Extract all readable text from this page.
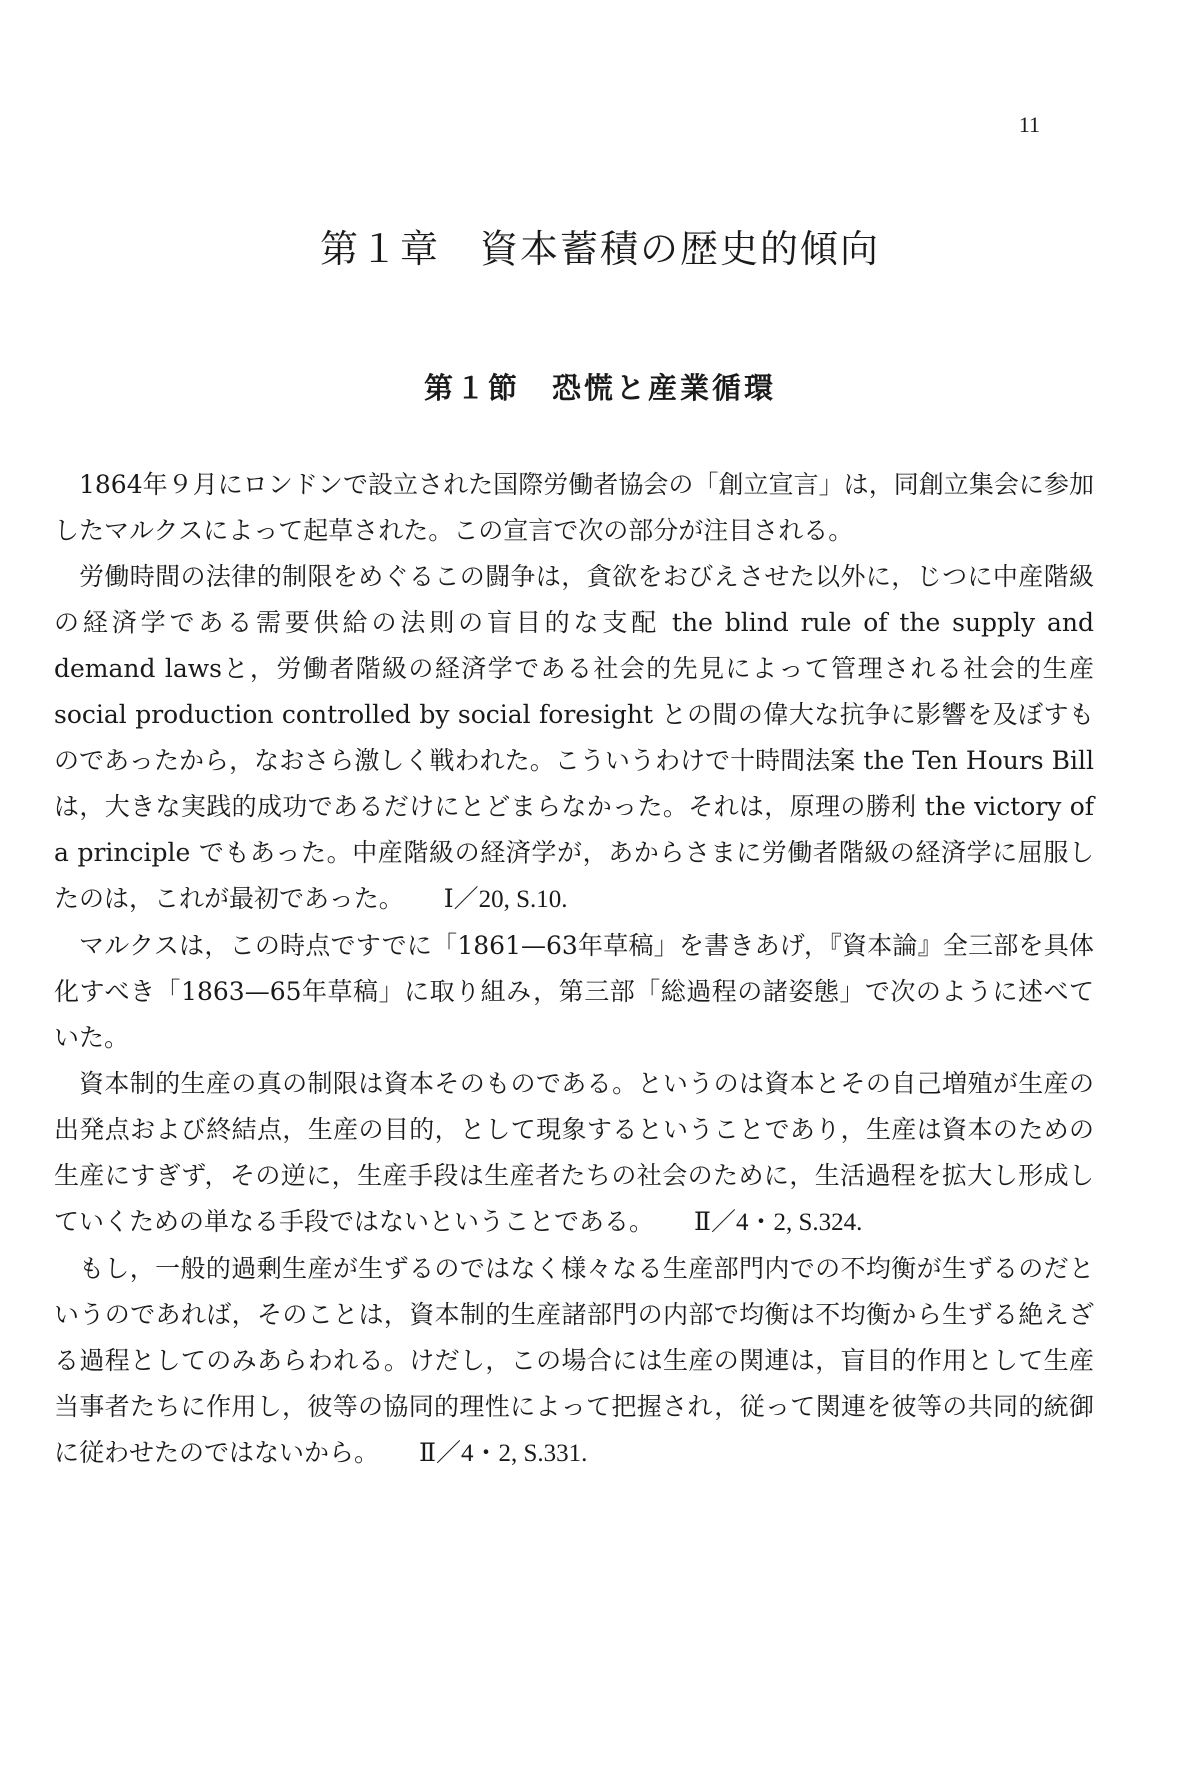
11
第１章　資本蓄積の歴史的傾向
第１節　恐慌と産業循環

1864年９月にロンドンで設立された国際労働者協会の「創立宣言」は，同創立集会に参加したマルクスによって起草された。この宣言で次の部分が注目される。

労働時間の法律的制限をめぐるこの闘争は，貪欲をおびえさせた以外に，じつに中産階級の経済学である需要供給の法則の盲目的な支配 the blind rule of the supply and demand lawsと，労働者階級の経済学である社会的先見によって管理される社会的生産 social production controlled by social foresight との間の偉大な抗争に影響を及ぼすものであったから，なおさら激しく戦われた。こういうわけで十時間法案 the Ten Hours Billは，大きな実践的成功であるだけにとどまらなかった。それは，原理の勝利 the victory of a principle でもあった。中産階級の経済学が，あからさまに労働者階級の経済学に屈服したのは，これが最初であった。 Ⅰ／20, S.10.

マルクスは，この時点ですでに「1861—63年草稿」を書きあげ，『資本論』全三部を具体化すべき「1863—65年草稿」に取り組み，第三部「総過程の諸姿態」で次のように述べていた。

資本制的生産の真の制限は資本そのものである。というのは資本とその自己増殖が生産の出発点および終結点，生産の目的，として現象するということであり，生産は資本のための生産にすぎず，その逆に，生産手段は生産者たちの社会のために，生活過程を拡大し形成していくための単なる手段ではないということである。 Ⅱ／4・2, S.324.

もし，一般的過剰生産が生ずるのではなく様々なる生産部門内での不均衡が生ずるのだというのであれば，そのことは，資本制的生産諸部門の内部で均衡は不均衡から生ずる絶えざる過程としてのみあらわれる。けだし，この場合には生産の関連は，盲目的作用として生産当事者たちに作用し，彼等の協同的理性によって把握され，従って関連を彼等の共同的統御に従わせたのではないから。 Ⅱ／4・2, S.331.
